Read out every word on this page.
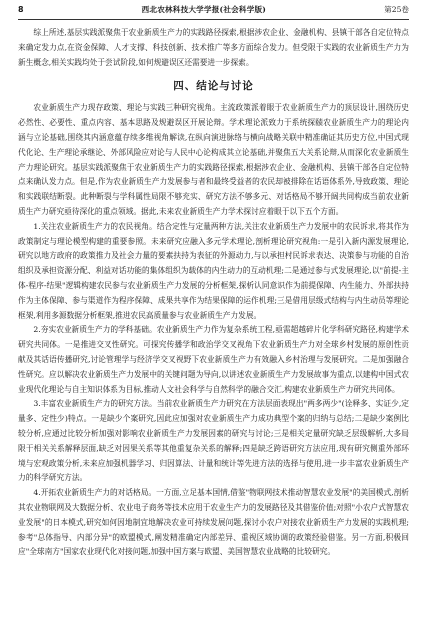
8	西北农林科技大学学报(社会科学版)	第25卷

综上所述,基层实践派聚焦于农业新质生产力的实践路径探索,根据涉农企业、金融机构、县镇干部各自定位特点来确定发力点,在资金保障、人才支撑、科技创新、技术推广等多方面综合发力。但受限于实践的农业新质生产力为新生概念,相关实践均处于尝试阶段,如何规避误区还需要进一步探索。

四、结论与讨论

农业新质生产力现存政策、理论与实践三种研究视角。主流政策派着眼于农业新质生产力的顶层设计,围绕历史必然性、必要性、重点内容、基本思路及规避误区开展论辩。学术理论派致力于系统探赜农业新质生产力的理论内涵与立论基础,围绕其内涵意蕴存续多维视角解读,在纵向演进脉络与横向战略关联中精准确证其历史方位,中国式现代化论、生产理论承继论、外部风险应对论与人民中心论构成其立论基础,并聚焦五大关系论辩,从而深化农业新质生产力理论研究。基层实践派聚焦于农业新质生产力的实践路径探索,根据涉农企业、金融机构、县镇干部各自定位特点来确认发力点。但是,作为农业新质生产力发展参与者和最终受益者的农民却被排除在话语体系外,导致政策、理论和实践联结断裂。此种断裂与学科属性局限不够充实、研究方法不够多元、对话格局不够开阔共同构成当前农业新质生产力研究亟待深化的重点领域。据此,未来农业新质生产力学术探讨应着眼于以下五个方面。

1.关注农业新质生产力的农民视角。结合定性与定量两种方法,关注农业新质生产力发展中的农民诉求,将其作为政策制定与理论模型构建的重要参照。未来研究应融入多元学术理论,剖析理论研究视角:一是引入新内源发展理论,研究以地方政府的政策推力及社会力量的要素扶持为表征的外源动力,与以承担村民诉求表达、决策参与功能的自治组织及承担资源分配、利益对话功能的集体组织为载体的内生动力的互动机理;二是通过参与式发展理论,以"前提-主体-程序-结果"逻辑构建农民参与农业新质生产力发展的分析框架,探析认同意识作为前提保障、内生能力、外部扶持作为主体保障、参与渠道作为程序保障、成果共享作为结果保障的运作机理;三是借用层级式结构与内生动员等理论框架,利用多源数据分析框架,推进农民高质量参与农业新质生产力发展。

2.夯实农业新质生产力的学科基础。农业新质生产力作为复杂系统工程,亟需超越碎片化学科研究路径,构建学术研究共同体。一是推进交叉性研究。可探究传播学和政治学交叉视角下农业新质生产力对全球乡村发展的原创性贡献及其话语传播研究,讨论管理学与经济学交叉视野下农业新质生产力有效融入乡村治理与发展研究。二是加强融合性研究。应以解决农业新质生产力发展中的关键问题为导向,以讲述农业新质生产力发展故事为重点,以建构中国式农业现代化理论与自主知识体系为目标,推动人文社会科学与自然科学的融合交汇,构建农业新质生产力研究共同体。

3.丰富农业新质生产力的研究方法。当前农业新质生产力研究在方法层面表现出"两多两少"(诠释多、实证少,定量多、定性少)特点。一是缺少个案研究,因此应加强对农业新质生产力成功典型个案的归纳与总结;二是缺少案例比较分析,应通过比较分析加强对影响农业新质生产力发展因素的研究与讨论;三是相关定量研究缺乏层级解析,大多局限于相关关系解释层面,缺乏对因果关系等其他重复杂关系的解释;四是缺乏跨语研究方法应用,现有研究侧重外部环境与宏观政策分析,未来应加强机器学习、归因算法、计量和统计等先进方法的选择与使用,进一步丰富农业新质生产力的科学研究方法。

4.开拓农业新质生产力的对话格局。一方面,立足基本国情,借鉴"物联网技术推动智慧农业发展"的美国模式,剖析其农业物联网及大数据分析、农业电子商务等技术应用于农业生产力的发展路径及其借鉴价值;对照"小农户式智慧农业发展"的日本模式,研究如何因地制宜地解决农业可持续发展问题,探讨小农户对接农业新质生产力发展的实践机理;参考"总体指导、内部分异"的欧盟模式,阐发精准确定内部差异、重视区域协调的政策经验借鉴。另一方面,积极回应"全球南方"国家农业现代化对接问题,加强中国方案与欧盟、美国智慧农业战略的比较研究。
